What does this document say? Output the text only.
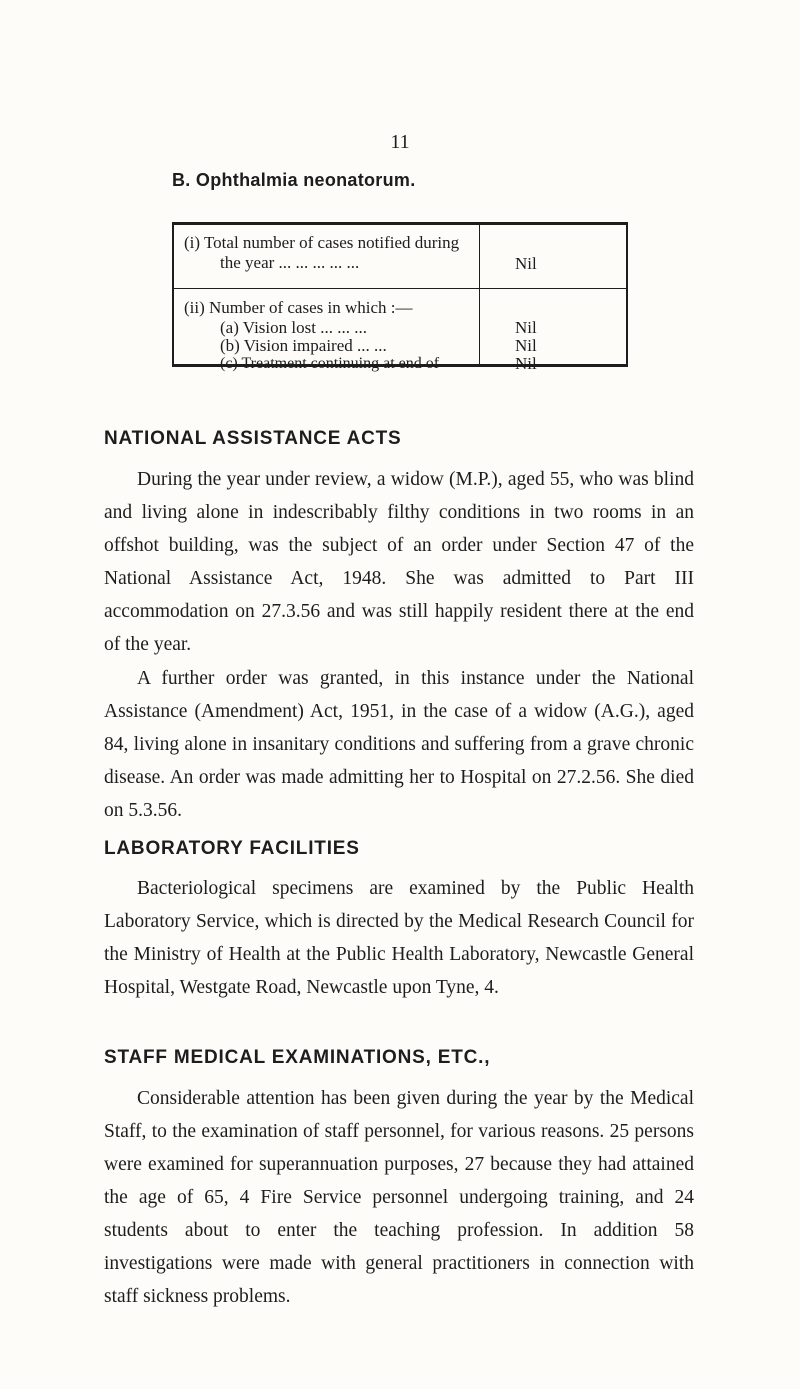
11
B. Ophthalmia neonatorum.
(i) Total number of cases notified during
the year ... ... ... ... ...	Nil
(ii) Number of cases in which :—
(a) Vision lost ... ... ...	Nil
(b) Vision impaired ... ...	Nil
(c) Treatment continuing at end of	Nil
NATIONAL ASSISTANCE ACTS

During the year under review, a widow (M.P.), aged 55, who was blind and living alone in indescribably filthy conditions in two rooms in an offshot building, was the subject of an order under Section 47 of the National Assistance Act, 1948. She was admitted to Part III accommodation on 27.3.56 and was still happily resident there at the end of the year.

A further order was granted, in this instance under the National Assistance (Amendment) Act, 1951, in the case of a widow (A.G.), aged 84, living alone in insanitary conditions and suffering from a grave chronic disease. An order was made admitting her to Hospital on 27.2.56. She died on 5.3.56.

LABORATORY FACILITIES

Bacteriological specimens are examined by the Public Health Laboratory Service, which is directed by the Medical Research Council for the Ministry of Health at the Public Health Laboratory, Newcastle General Hospital, Westgate Road, Newcastle upon Tyne, 4.

STAFF MEDICAL EXAMINATIONS, ETC.,

Considerable attention has been given during the year by the Medical Staff, to the examination of staff personnel, for various reasons. 25 persons were examined for superannuation purposes, 27 because they had attained the age of 65, 4 Fire Service personnel undergoing training, and 24 students about to enter the teaching profession. In addition 58 investigations were made with general practitioners in connection with staff sickness problems.
